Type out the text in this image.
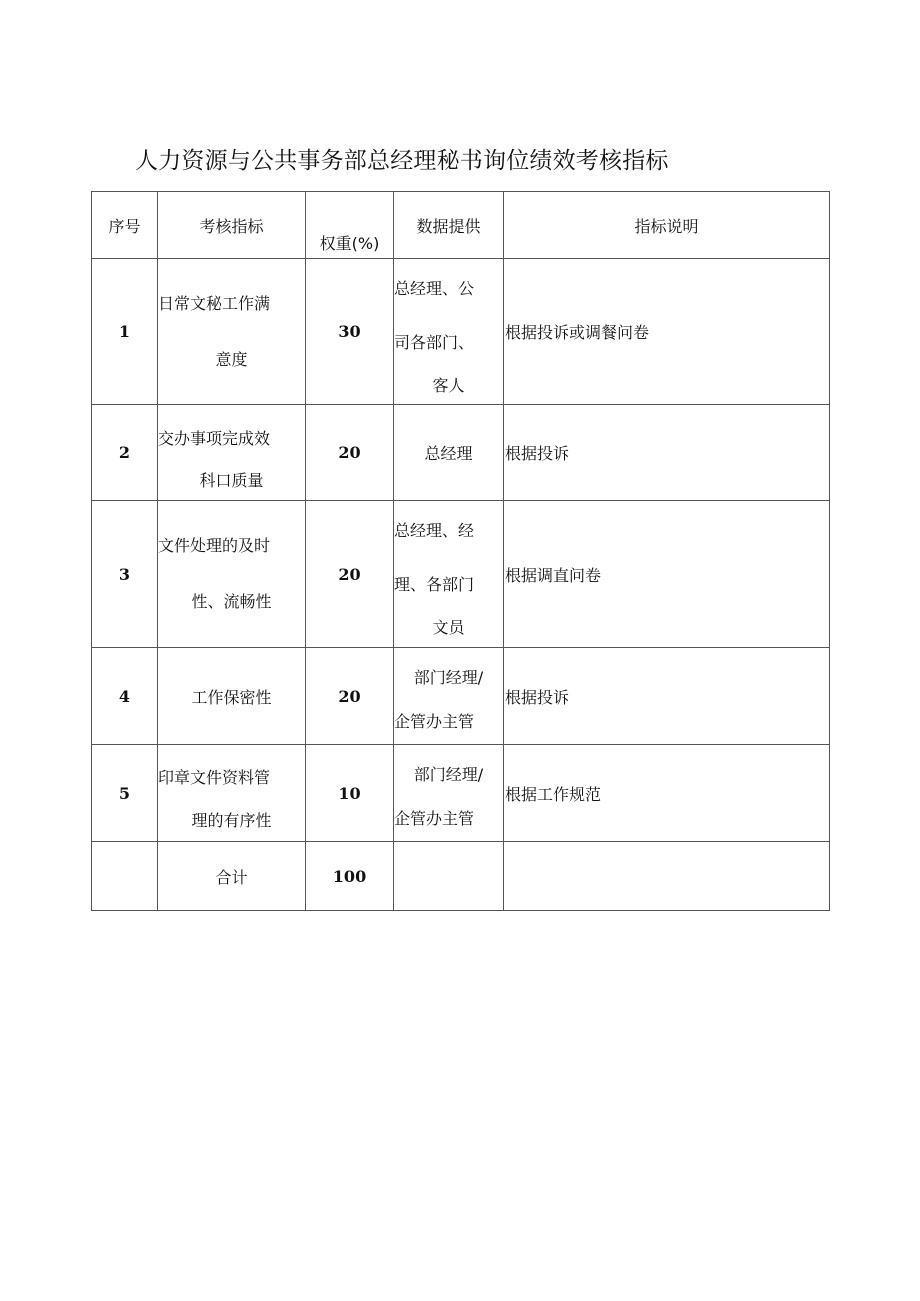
人力资源与公共事务部总经理秘书询位绩效考核指标
序号	考核指标	权重(%)	数据提供	指标说明
1	日常文秘工作满
意度	30	总经理、公
司各部门、
客人	根据投诉或调餐问卷
2	交办事项完成效
科口质量	20	总经理	根据投诉
3	文件处理的及时
性、流畅性	20	总经理、经
理、各部门
文员	根据调直问卷
4	工作保密性	20	部门经理/
企管办主管	根据投诉
5	印章文件资料管
理的有序性	10	部门经理/
企管办主管	根据工作规范
	合计	100		
